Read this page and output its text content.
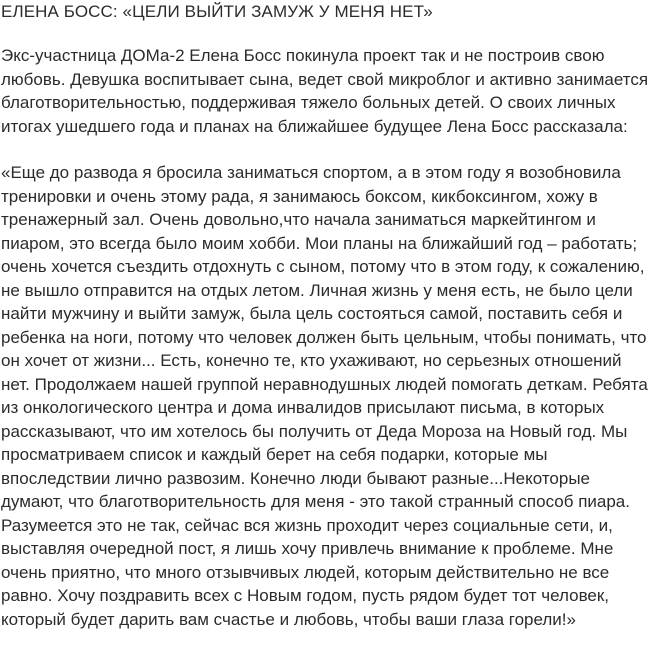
ЕЛЕНА БОСС: «ЦЕЛИ ВЫЙТИ ЗАМУЖ У МЕНЯ НЕТ»
Экс-участница ДОМа-2 Елена Босс покинула проект так и не построив свою
любовь. Девушка воспитывает сына, ведет свой микроблог и активно занимается
благотворительностью, поддерживая тяжело больных детей. О своих личных
итогах ушедшего года и планах на ближайшее будущее Лена Босс рассказала:
«Еще до развода я бросила заниматься спортом, а в этом году я возобновила
тренировки и очень этому рада, я занимаюсь боксом, кикбоксингом, хожу в
тренажерный зал. Очень довольно,что начала заниматься маркейтингом и
пиаром, это всегда было моим хобби. Мои планы на ближайший год – работать;
очень хочется съездить отдохнуть с сыном, потому что в этом году, к сожалению,
не вышло отправится на отдых летом. Личная жизнь у меня есть, не было цели
найти мужчину и выйти замуж, была цель состояться самой, поставить себя и
ребенка на ноги, потому что человек должен быть цельным, чтобы понимать, что
он хочет от жизни... Есть, конечно те, кто ухаживают, но серьезных отношений
нет. Продолжаем нашей группой неравнодушных людей помогать деткам. Ребята
из онкологического центра и дома инвалидов присылают письма, в которых
рассказывают, что им хотелось бы получить от Деда Мороза на Новый год. Мы
просматриваем список и каждый берет на себя подарки, которые мы
впоследствии лично развозим. Конечно люди бывают разные...Некоторые
думают, что благотворительность для меня - это такой странный способ пиара.
Разумеется это не так, сейчас вся жизнь проходит через социальные сети, и,
выставляя очередной пост, я лишь хочу привлечь внимание к проблеме. Мне
очень приятно, что много отзывчивых людей, которым действительно не все
равно. Хочу поздравить всех с Новым годом, пусть рядом будет тот человек,
который будет дарить вам счастье и любовь, чтобы ваши глаза горели!»
